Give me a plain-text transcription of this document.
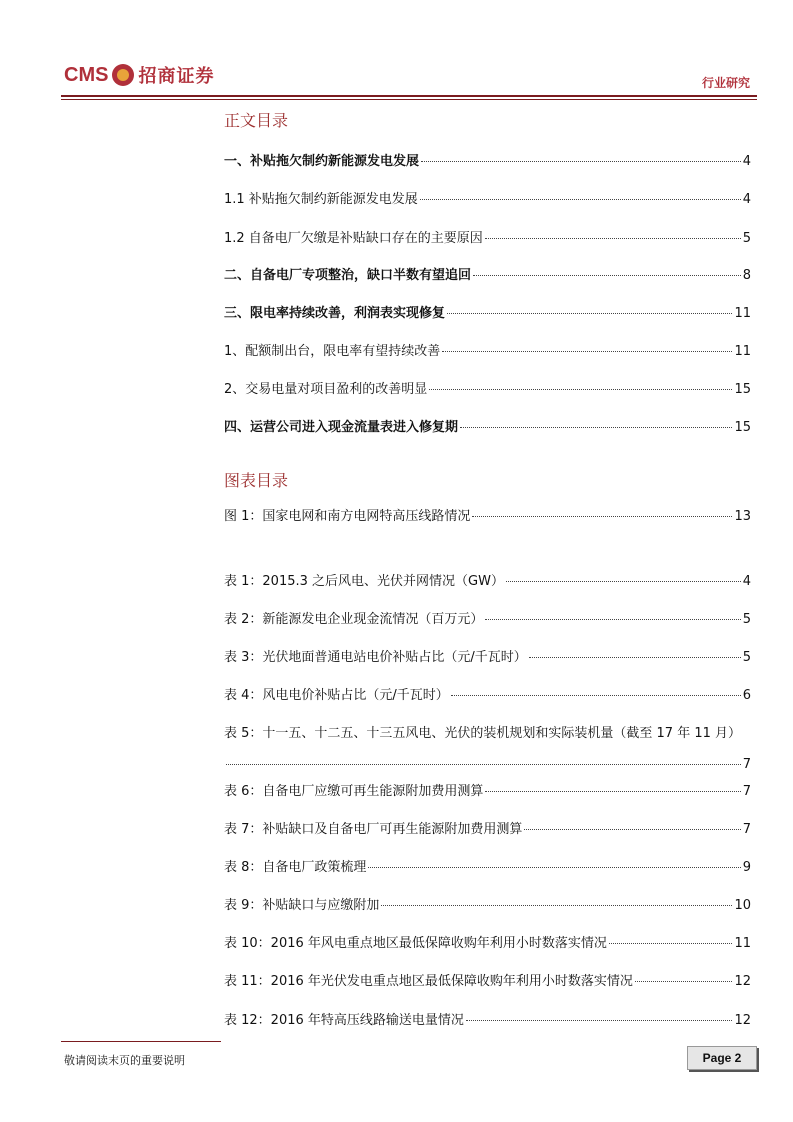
CMS 招商证券	行业研究
正文目录
一、补贴拖欠制约新能源发电发展	4
1.1 补贴拖欠制约新能源发电发展	4
1.2 自备电厂欠缴是补贴缺口存在的主要原因	5
二、自备电厂专项整治，缺口半数有望追回	8
三、限电率持续改善，利润表实现修复	11
1、配额制出台，限电率有望持续改善	11
2、交易电量对项目盈利的改善明显	15
四、运营公司进入现金流量表进入修复期	15
图表目录
图 1：国家电网和南方电网特高压线路情况	13
表 1：2015.3 之后风电、光伏并网情况（GW）	4
表 2：新能源发电企业现金流情况（百万元）	5
表 3：光伏地面普通电站电价补贴占比（元/千瓦时）	5
表 4：风电电价补贴占比（元/千瓦时）	6
表 5：十一五、十二五、十三五风电、光伏的装机规划和实际装机量（截至 17 年 11 月）
7
表 6：自备电厂应缴可再生能源附加费用测算	7
表 7：补贴缺口及自备电厂可再生能源附加费用测算	7
表 8：自备电厂政策梳理	9
表 9：补贴缺口与应缴附加	10
表 10：2016 年风电重点地区最低保障收购年利用小时数落实情况	11
表 11：2016 年光伏发电重点地区最低保障收购年利用小时数落实情况	12
表 12：2016 年特高压线路输送电量情况	12
敬请阅读末页的重要说明	Page 2
